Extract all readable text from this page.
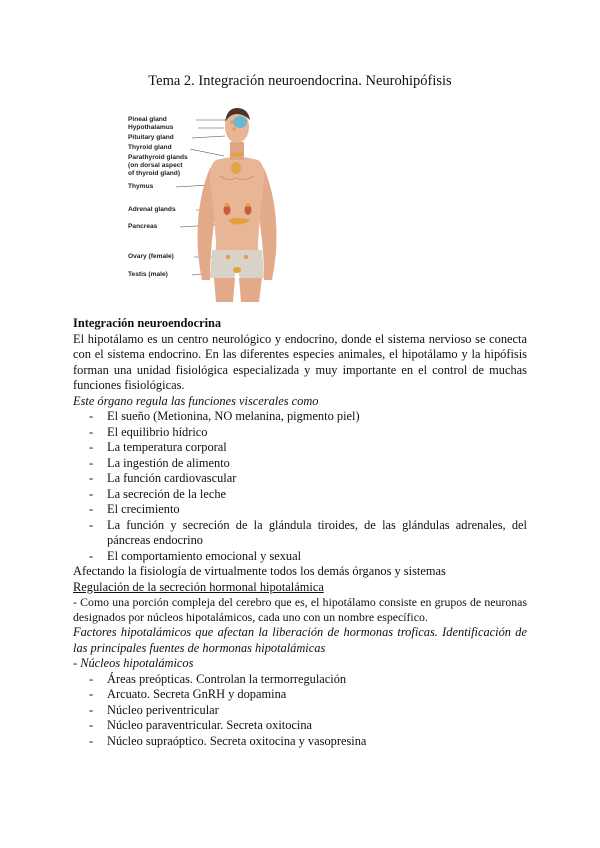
Tema 2. Integración neuroendocrina. Neurohipófisis
Pineal gland
Hypothalamus
Pituitary gland
Thyroid gland
Parathyroid glands
(on dorsal aspect
of thyroid gland)
Thymus
Adrenal glands
Pancreas
Ovary (female)
Testis (male)

Integración neuroendocrina

El hipotálamo es un centro neurológico y endocrino, donde el sistema nervioso se conecta con el sistema endocrino. En las diferentes especies animales, el hipotálamo y la hipófisis forman una unidad fisiológica especializada y muy importante en el control de muchas funciones fisiológicas.

Este órgano regula las funciones viscerales como

- El sueño (Metionina, NO melanina, pigmento piel)
- El equilibrio hídrico
- La temperatura corporal
- La ingestión de alimento
- La función cardiovascular
- La secreción de la leche
- El crecimiento
- La función y secreción de la glándula tiroides, de las glándulas adrenales, del páncreas endocrino
- El comportamiento emocional y sexual

Afectando la fisiología de virtualmente todos los demás órganos y sistemas

Regulación de la secreción hormonal hipotalámica

- Como una porción compleja del cerebro que es, el hipotálamo consiste en grupos de neuronas designados por núcleos hipotalámicos, cada uno con un nombre específico.

Factores hipotalámicos que afectan la liberación de hormonas troficas. Identificación de las principales fuentes de hormonas hipotalámicas

- Núcleos hipotalámicos

- Áreas preópticas. Controlan la termorregulación
- Arcuato. Secreta GnRH y dopamina
- Núcleo periventricular
- Núcleo paraventricular. Secreta oxitocina
- Núcleo supraóptico. Secreta oxitocina y vasopresina
